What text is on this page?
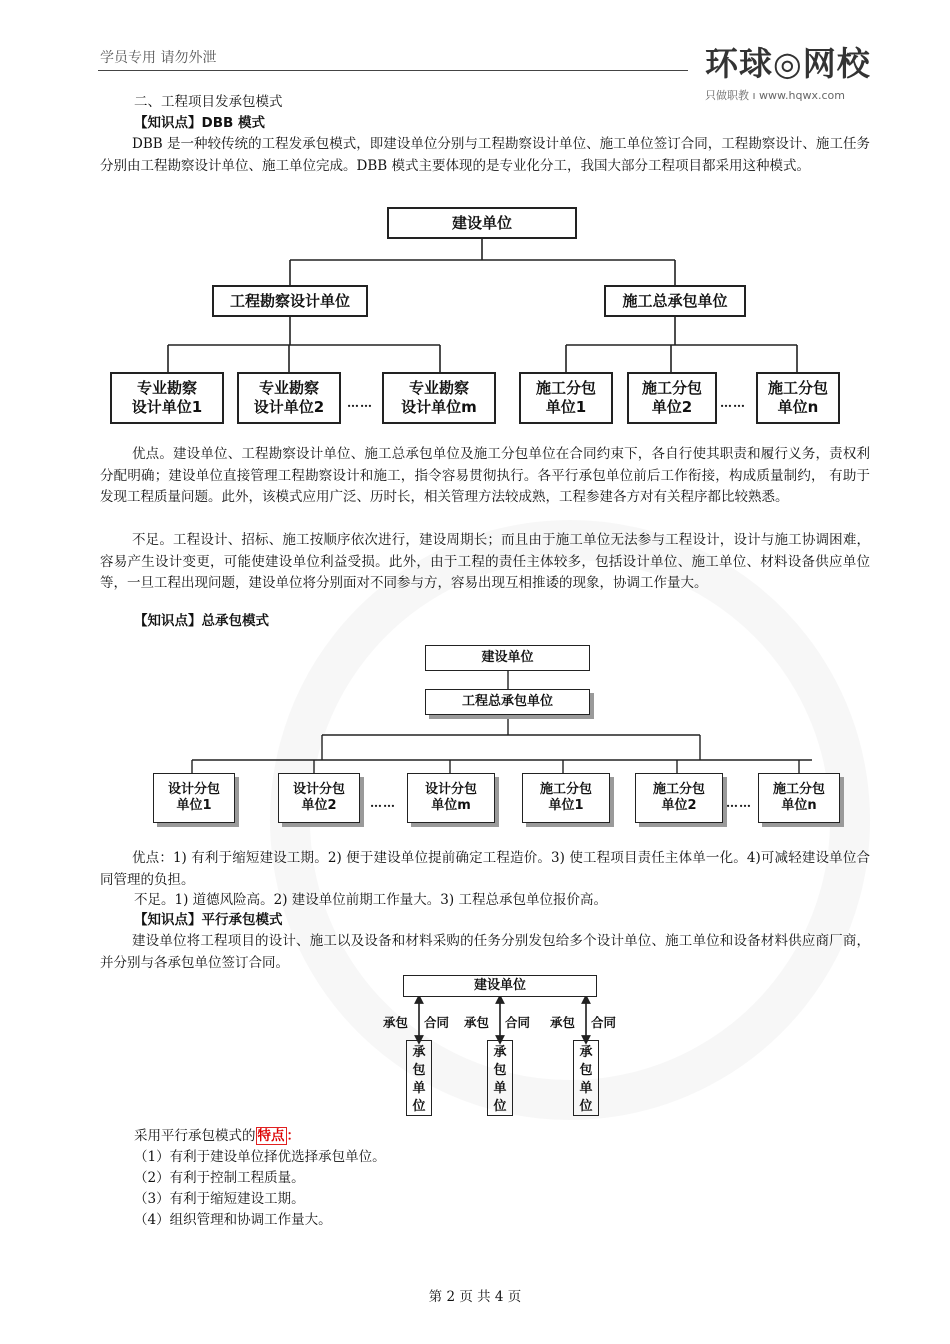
学员专用 请勿外泄	环球◎网校
只做职教 ı www.hqwx.com
二、工程项目发承包模式
【知识点】DBB 模式
DBB 是一种较传统的工程发承包模式，即建设单位分别与工程勘察设计单位、施工单位签订合同，工程勘察设计、施工任务分别由工程勘察设计单位、施工单位完成。DBB 模式主要体现的是专业化分工，我国大部分工程项目都采用这种模式。
建设单位
工程勘察设计单位	施工总承包单位
专业勘察
设计单位1
专业勘察
设计单位2	……
专业勘察
设计单位m
施工分包
单位1
施工分包
单位2	……
施工分包
单位n
优点。建设单位、工程勘察设计单位、施工总承包单位及施工分包单位在合同约束下，各自行使其职责和履行义务，责权利分配明确；建设单位直接管理工程勘察设计和施工，指令容易贯彻执行。各平行承包单位前后工作衔接，构成质量制约， 有助于发现工程质量问题。此外，该模式应用广泛、历时长，相关管理方法较成熟，工程参建各方对有关程序都比较熟悉。
不足。工程设计、招标、施工按顺序依次进行，建设周期长；而且由于施工单位无法参与工程设计，设计与施工协调困难，容易产生设计变更，可能使建设单位利益受损。此外，由于工程的责任主体较多，包括设计单位、施工单位、材料设备供应单位等，一旦工程出现问题，建设单位将分别面对不同参与方，容易出现互相推诿的现象，协调工作量大。
【知识点】总承包模式
建设单位
工程总承包单位
设计分包
单位1
设计分包
单位2	……
设计分包
单位m
施工分包
单位1
施工分包
单位2	……
施工分包
单位n
优点：1) 有利于缩短建设工期。2) 便于建设单位提前确定工程造价。3) 使工程项目责任主体单一化。4)可减轻建设单位合同管理的负担。
不足。1) 道德风险高。2) 建设单位前期工作量大。3) 工程总承包单位报价高。
【知识点】平行承包模式
建设单位将工程项目的设计、施工以及设备和材料采购的任务分别发包给多个设计单位、施工单位和设备材料供应商厂商，并分别与各承包单位签订合同。
建设单位
承包 合同 承包 合同 承包 合同
承
包
单
位
承
包
单
位
承
包
单
位
采用平行承包模式的 特点 ：
（1）有利于建设单位择优选择承包单位。
（2）有利于控制工程质量。
（3）有利于缩短建设工期。
（4）组织管理和协调工作量大。
第 2 页 共 4 页
